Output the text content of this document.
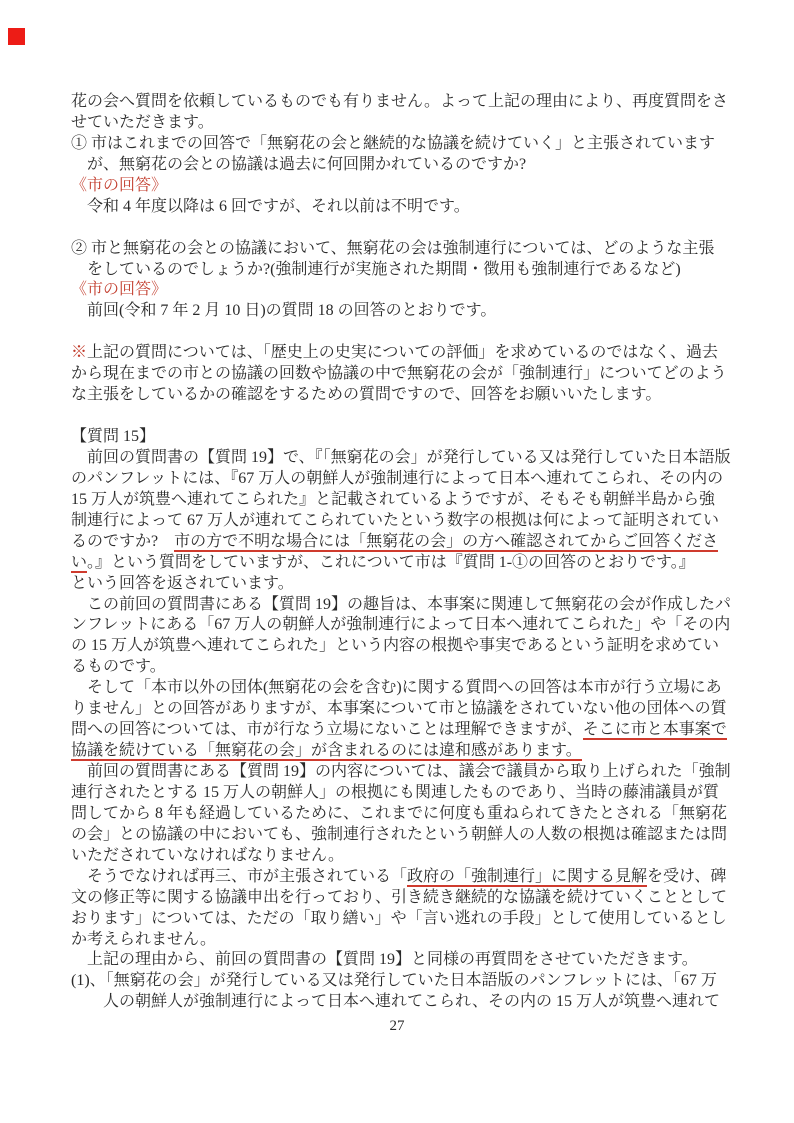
花の会へ質問を依頼しているものでも有りません。よって上記の理由により、再度質問をさ
せていただきます。
① 市はこれまでの回答で「無窮花の会と継続的な協議を続けていく」と主張されています
　が、無窮花の会との協議は過去に何回開かれているのですか?
《市の回答》
　令和 4 年度以降は 6 回ですが、それ以前は不明です。

② 市と無窮花の会との協議において、無窮花の会は強制連行については、どのような主張
　をしているのでしょうか?(強制連行が実施された期間・徴用も強制連行であるなど)
《市の回答》
　前回(令和 7 年 2 月 10 日)の質問 18 の回答のとおりです。

※上記の質問については、「歴史上の史実についての評価」を求めているのではなく、過去
から現在までの市との協議の回数や協議の中で無窮花の会が「強制連行」についてどのよう
な主張をしているかの確認をするための質問ですので、回答をお願いいたします。

【質問 15】
　前回の質問書の【質問 19】で、『「無窮花の会」が発行している又は発行していた日本語版
のパンフレットには、『67 万人の朝鮮人が強制連行によって日本へ連れてこられ、その内の
15 万人が筑豊へ連れてこられた』と記載されているようですが、そもそも朝鮮半島から強
制連行によって 67 万人が連れてこられていたという数字の根拠は何によって証明されてい
るのですか?　市の方で不明な場合には「無窮花の会」の方へ確認されてからご回答くださ
い。』という質問をしていますが、これについて市は『質問 1-①の回答のとおりです。』
という回答を返されています。
　この前回の質問書にある【質問 19】の趣旨は、本事案に関連して無窮花の会が作成したパ
ンフレットにある「67 万人の朝鮮人が強制連行によって日本へ連れてこられた」や「その内
の 15 万人が筑豊へ連れてこられた」という内容の根拠や事実であるという証明を求めてい
るものです。
　そして「本市以外の団体(無窮花の会を含む)に関する質問への回答は本市が行う立場にあ
りません」との回答がありますが、本事案について市と協議をされていない他の団体への質
問への回答については、市が行なう立場にないことは理解できますが、そこに市と本事案で
協議を続けている「無窮花の会」が含まれるのには違和感があります。
　前回の質問書にある【質問 19】の内容については、議会で議員から取り上げられた「強制
連行されたとする 15 万人の朝鮮人」の根拠にも関連したものであり、当時の藤浦議員が質
問してから 8 年も経過しているために、これまでに何度も重ねられてきたとされる「無窮花
の会」との協議の中においても、強制連行されたという朝鮮人の人数の根拠は確認または問
いただされていなければなりません。
　そうでなければ再三、市が主張されている「政府の「強制連行」に関する見解を受け、碑
文の修正等に関する協議申出を行っており、引き続き継続的な協議を続けていくこととして
おります」については、ただの「取り繕い」や「言い逃れの手段」として使用しているとし
か考えられません。
　上記の理由から、前回の質問書の【質問 19】と同様の再質問をさせていただきます。
(1)、「無窮花の会」が発行している又は発行していた日本語版のパンフレットには、「67 万
　　人の朝鮮人が強制連行によって日本へ連れてこられ、その内の 15 万人が筑豊へ連れて
27
